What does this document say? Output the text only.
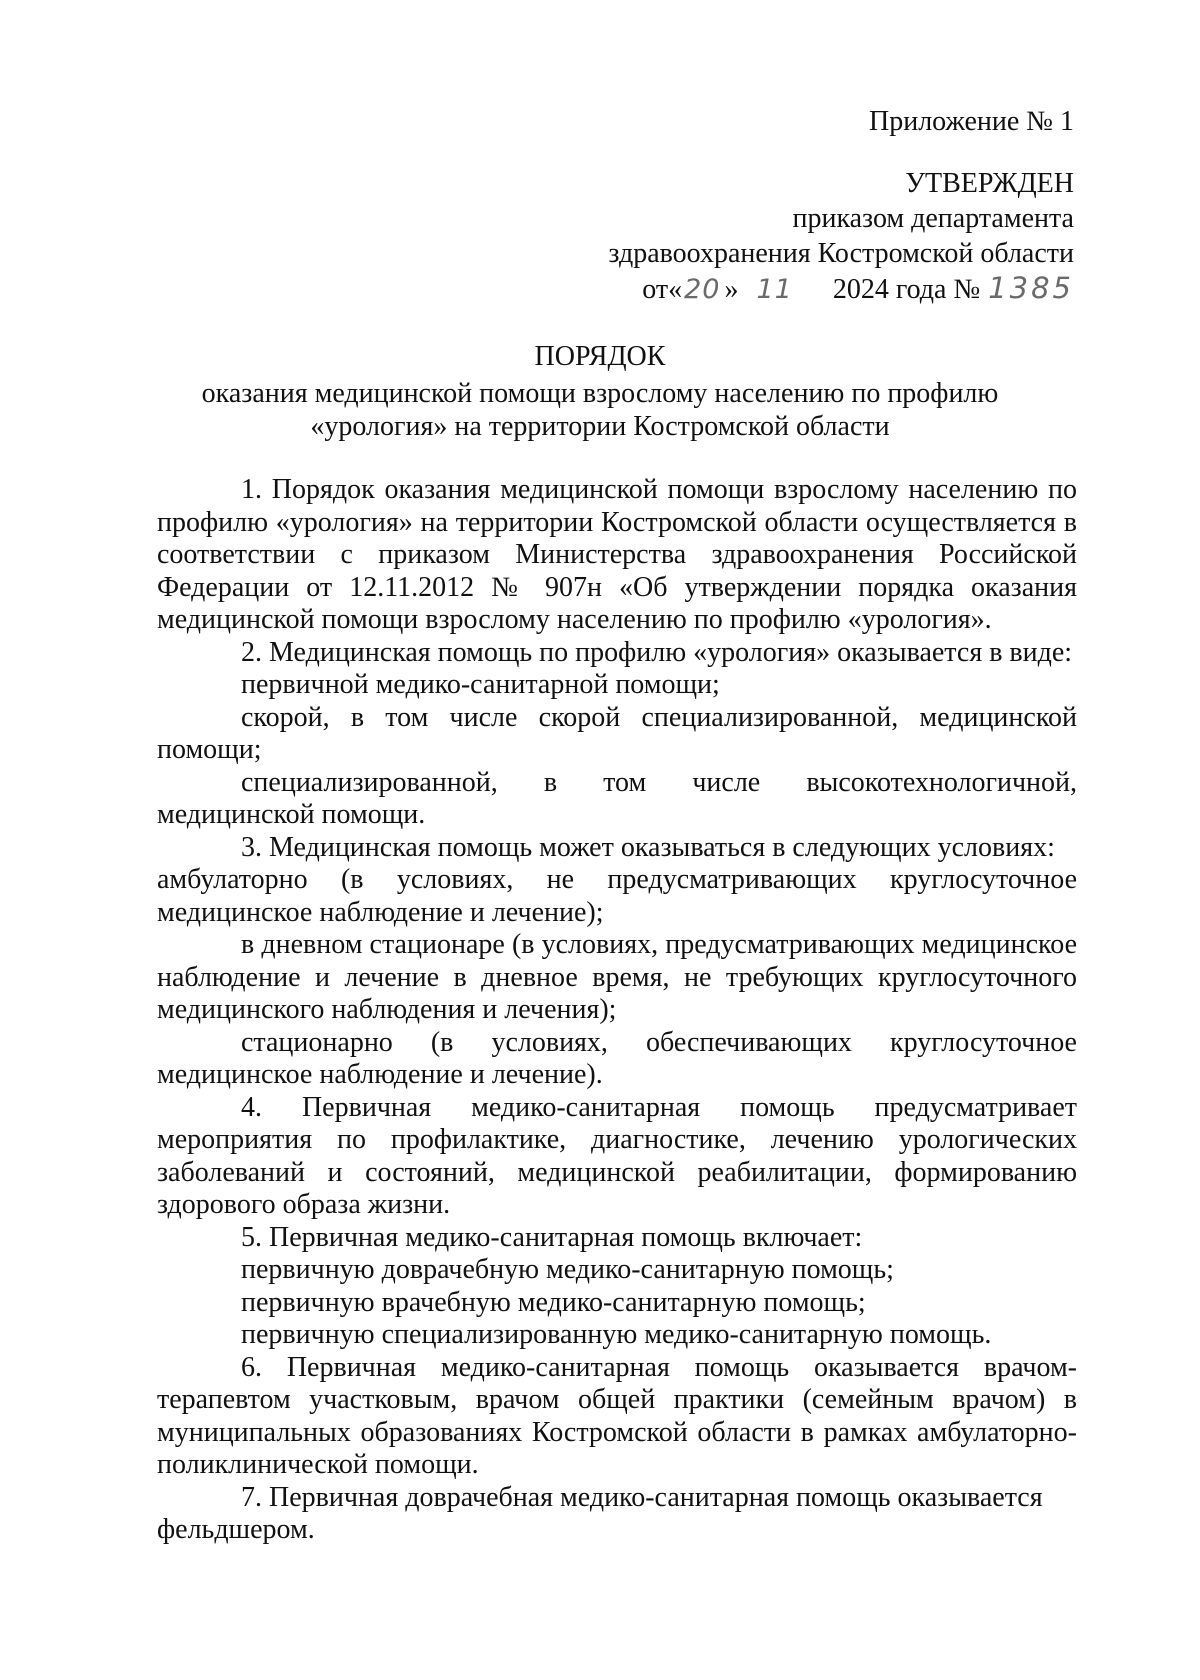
Приложение № 1
УТВЕРЖДЕН
приказом департамента
здравоохранения Костромской области
от«20 » 11 2024 года № 1385
ПОРЯДОК
оказания медицинской помощи взрослому населению по профилю
«урология» на территории Костромской области

1. Порядок оказания медицинской помощи взрослому населению по профилю «урология» на территории Костромской области осуществляется в соответствии с приказом Министерства здравоохранения Российской Федерации от 12.11.2012 № 907н «Об утверждении порядка оказания медицинской помощи взрослому населению по профилю «урология».

2. Медицинская помощь по профилю «урология» оказывается в виде:

первичной медико-санитарной помощи;

скорой, в том числе скорой специализированной, медицинской помощи;

специализированной, в том числе высокотехнологичной, медицинской помощи.

3. Медицинская помощь может оказываться в следующих условиях:

амбулаторно (в условиях, не предусматривающих круглосуточное медицинское наблюдение и лечение);

в дневном стационаре (в условиях, предусматривающих медицинское наблюдение и лечение в дневное время, не требующих круглосуточного медицинского наблюдения и лечения);

стационарно (в условиях, обеспечивающих круглосуточное медицинское наблюдение и лечение).

4. Первичная медико-санитарная помощь предусматривает мероприятия по профилактике, диагностике, лечению урологических заболеваний и состояний, медицинской реабилитации, формированию здорового образа жизни.

5. Первичная медико-санитарная помощь включает:

первичную доврачебную медико-санитарную помощь;

первичную врачебную медико-санитарную помощь;

первичную специализированную медико-санитарную помощь.

6. Первичная медико-санитарная помощь оказывается врачом-терапевтом участковым, врачом общей практики (семейным врачом) в муниципальных образованиях Костромской области в рамках амбулаторно-поликлинической помощи.

7. Первичная доврачебная медико-санитарная помощь оказывается фельдшером.
